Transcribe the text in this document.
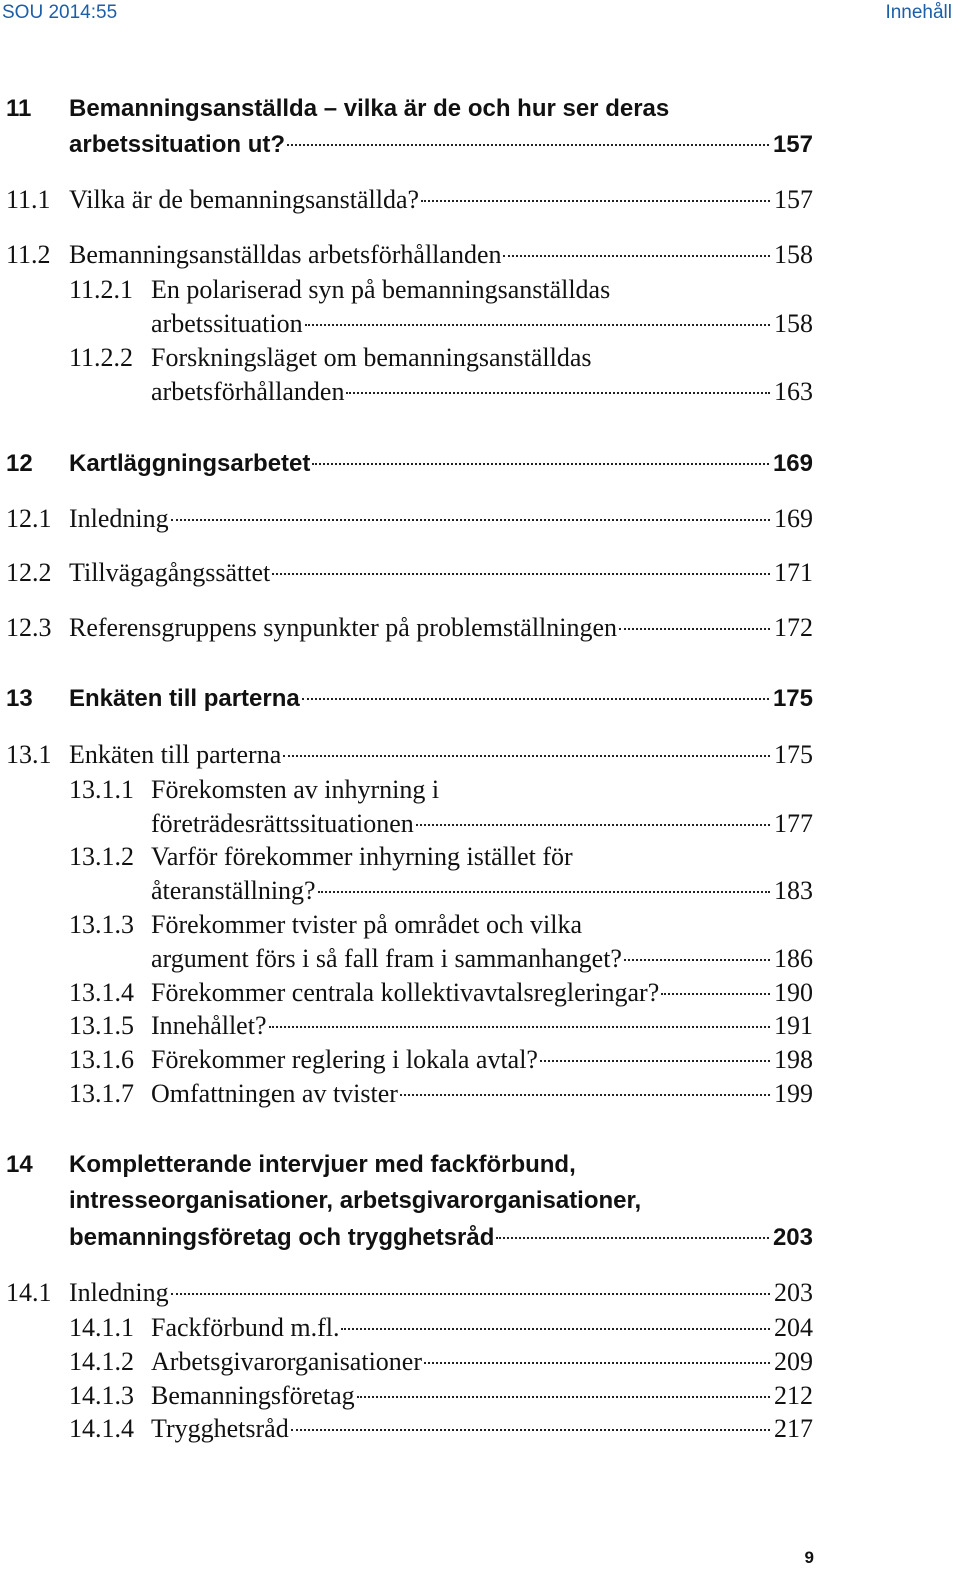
SOU 2014:55	Innehåll
11 Bemanningsanställda – vilka är de och hur ser deras
arbetssituation ut?	157
11.1 Vilka är de bemanningsanställda?	157
11.2 Bemanningsanställdas arbetsförhållanden	158
11.2.1 En polariserad syn på bemanningsanställdas
arbetssituation	158
11.2.2 Forskningsläget om bemanningsanställdas
arbetsförhållanden	163
12 Kartläggningsarbetet	169
12.1 Inledning	169
12.2 Tillvägagångssättet	171
12.3 Referensgruppens synpunkter på problemställningen	172
13 Enkäten till parterna	175
13.1 Enkäten till parterna	175
13.1.1 Förekomsten av inhyrning i
företrädesrättssituationen	177
13.1.2 Varför förekommer inhyrning istället för
återanställning?	183
13.1.3 Förekommer tvister på området och vilka
argument förs i så fall fram i sammanhanget?	186
13.1.4 Förekommer centrala kollektivavtalsregleringar?	190
13.1.5 Innehållet?	191
13.1.6 Förekommer reglering i lokala avtal?	198
13.1.7 Omfattningen av tvister	199
14 Kompletterande intervjuer med fackförbund,
intresseorganisationer, arbetsgivarorganisationer,
bemanningsföretag och trygghetsråd	203
14.1 Inledning	203
14.1.1 Fackförbund m.fl.	204
14.1.2 Arbetsgivarorganisationer	209
14.1.3 Bemanningsföretag	212
14.1.4 Trygghetsråd	217
9
